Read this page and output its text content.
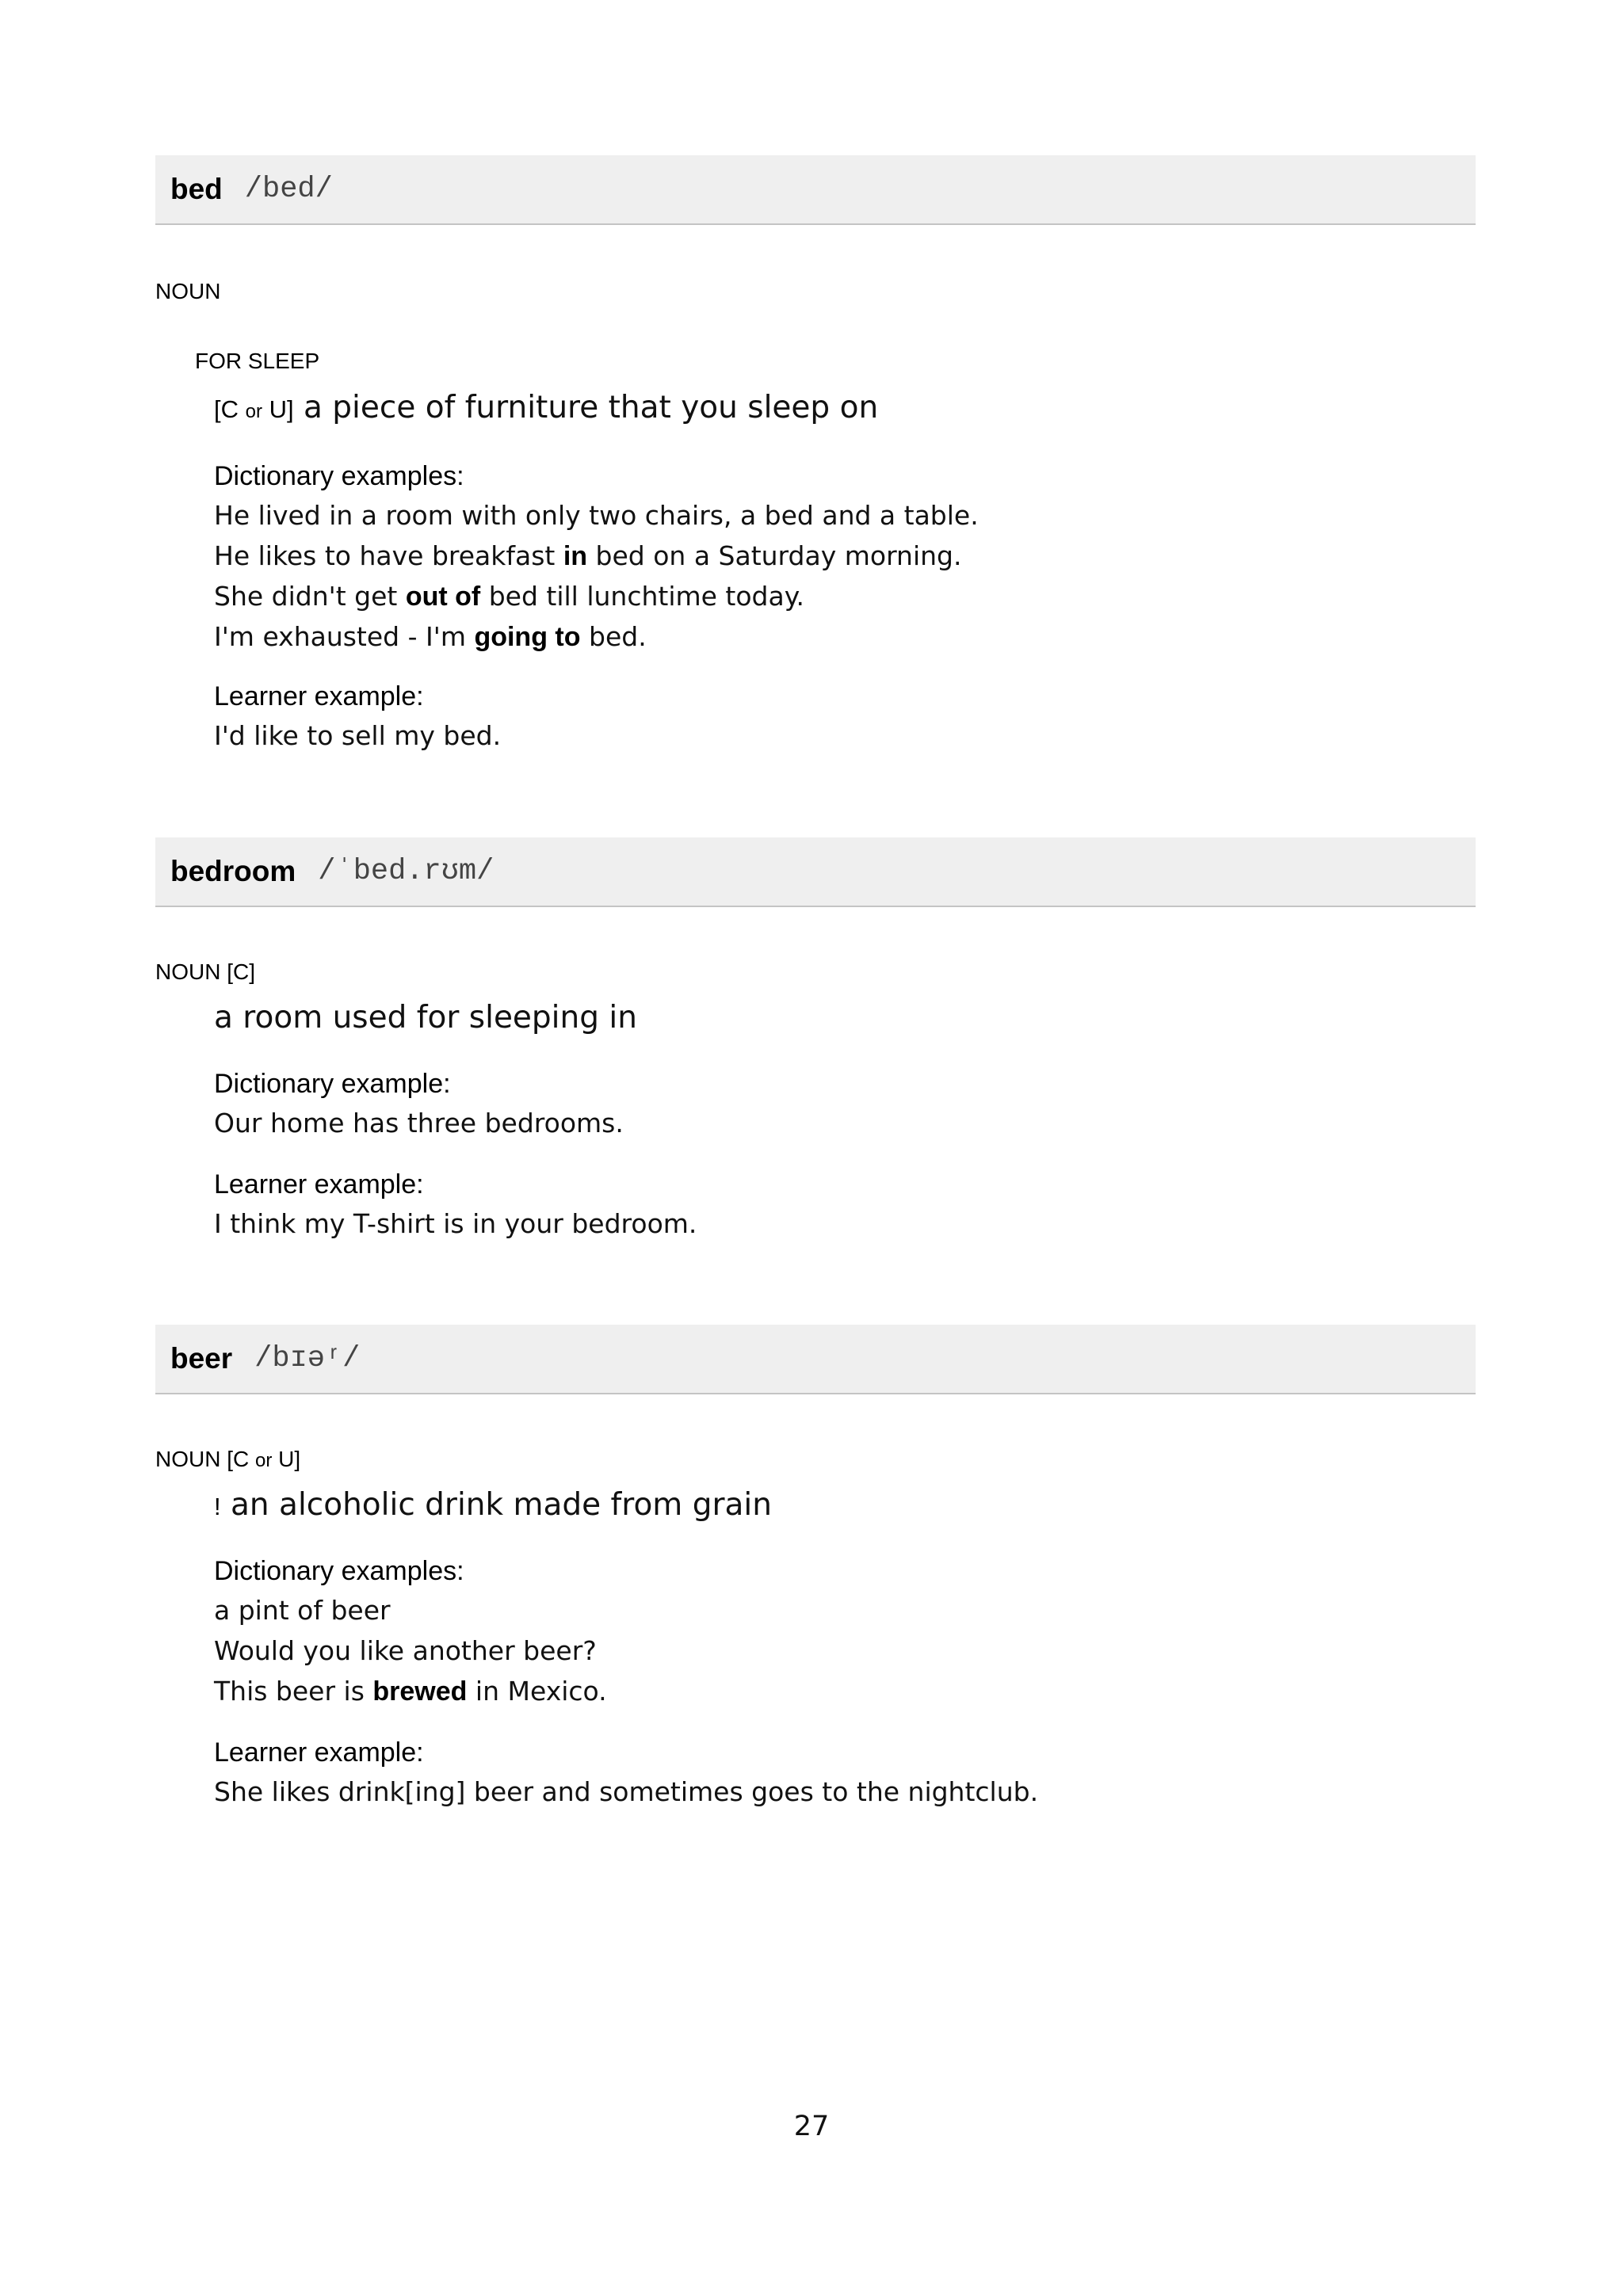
bed /bed/
NOUN
FOR SLEEP
[C or U] a piece of furniture that you sleep on
Dictionary examples:
He lived in a room with only two chairs, a bed and a table.
He likes to have breakfast in bed on a Saturday morning.
She didn't get out of bed till lunchtime today.
I'm exhausted - I'm going to bed.
Learner example:
I'd like to sell my bed.
bedroom /ˈbed.rʊm/
NOUN [C]
a room used for sleeping in
Dictionary example:
Our home has three bedrooms.
Learner example:
I think my T-shirt is in your bedroom.
beer /bɪəʳ/
NOUN [C or U]
! an alcoholic drink made from grain
Dictionary examples:
a pint of beer
Would you like another beer?
This beer is brewed in Mexico.
Learner example:
She likes drink[ing] beer and sometimes goes to the nightclub.
27
